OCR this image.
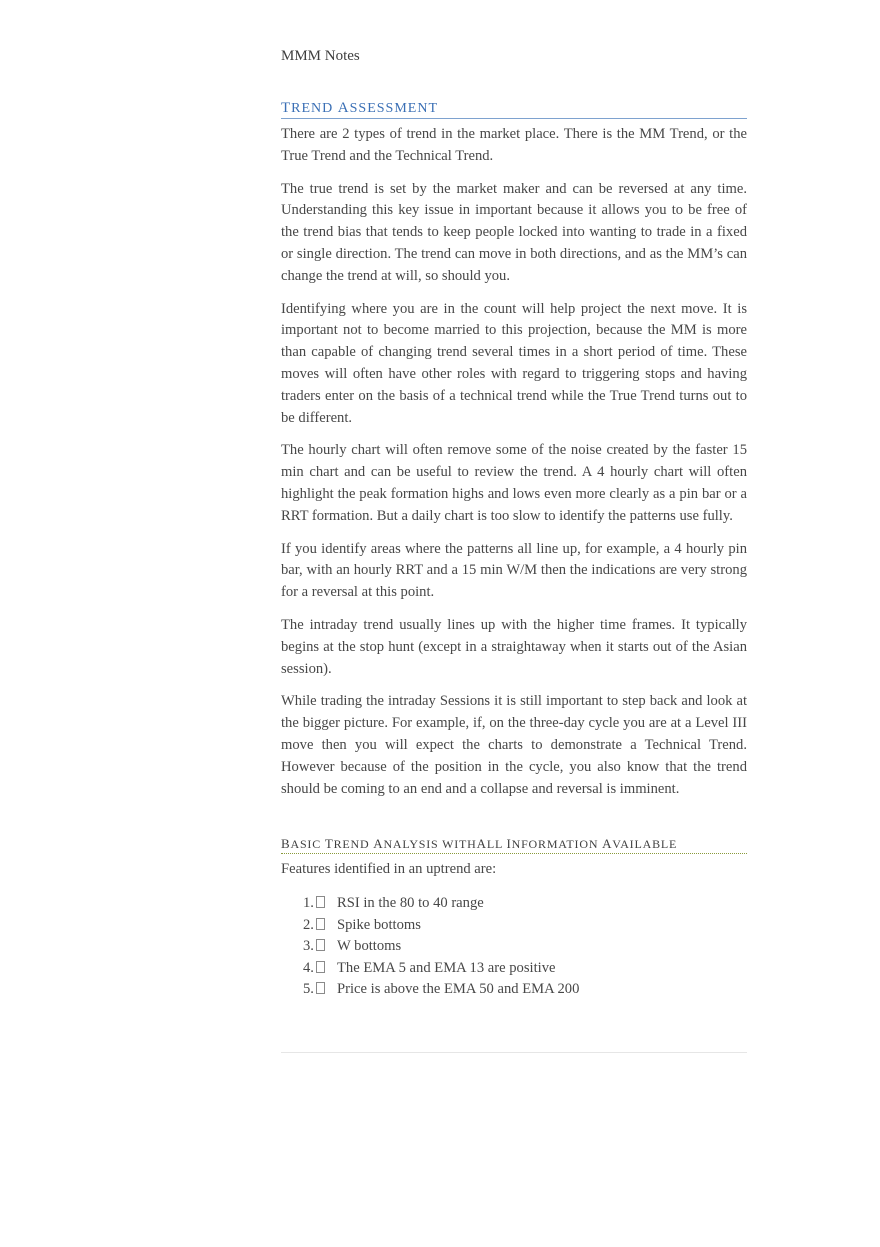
MMM Notes
TREND ASSESSMENT

There are 2 types of trend in the market place. There is the MM Trend, or the True Trend and the Technical Trend.

The true trend is set by the market maker and can be reversed at any time. Understanding this key issue in important because it allows you to be free of the trend bias that tends to keep people locked into wanting to trade in a fixed or single direction. The trend can move in both directions, and as the MM’s can change the trend at will, so should you.

Identifying where you are in the count will help project the next move. It is important not to become married to this projection, because the MM is more than capable of changing trend several times in a short period of time. These moves will often have other roles with regard to triggering stops and having traders enter on the basis of a technical trend while the True Trend turns out to be different.

The hourly chart will often remove some of the noise created by the faster 15 min chart and can be useful to review the trend. A 4 hourly chart will often highlight the peak formation highs and lows even more clearly as a pin bar or a RRT formation. But a daily chart is too slow to identify the patterns use fully.

If you identify areas where the patterns all line up, for example, a 4 hourly pin bar, with an hourly RRT and a 15 min W/M then the indications are very strong for a reversal at this point.

The intraday trend usually lines up with the higher time frames. It typically begins at the stop hunt (except in a straightaway when it starts out of the Asian session).

While trading the intraday Sessions it is still important to step back and look at the bigger picture. For example, if, on the three-day cycle you are at a Level III move then you will expect the charts to demonstrate a Technical Trend. However because of the position in the cycle, you also know that the trend should be coming to an end and a collapse and reversal is imminent.

BASIC TREND ANALYSIS WITHALL INFORMATION AVAILABLE
Features identified in an uptrend are:
1.	RSI in the 80 to 40 range
2.	Spike bottoms
3.	W bottoms
4.	The EMA 5 and EMA 13 are positive
5.	Price is above the EMA 50 and EMA 200
